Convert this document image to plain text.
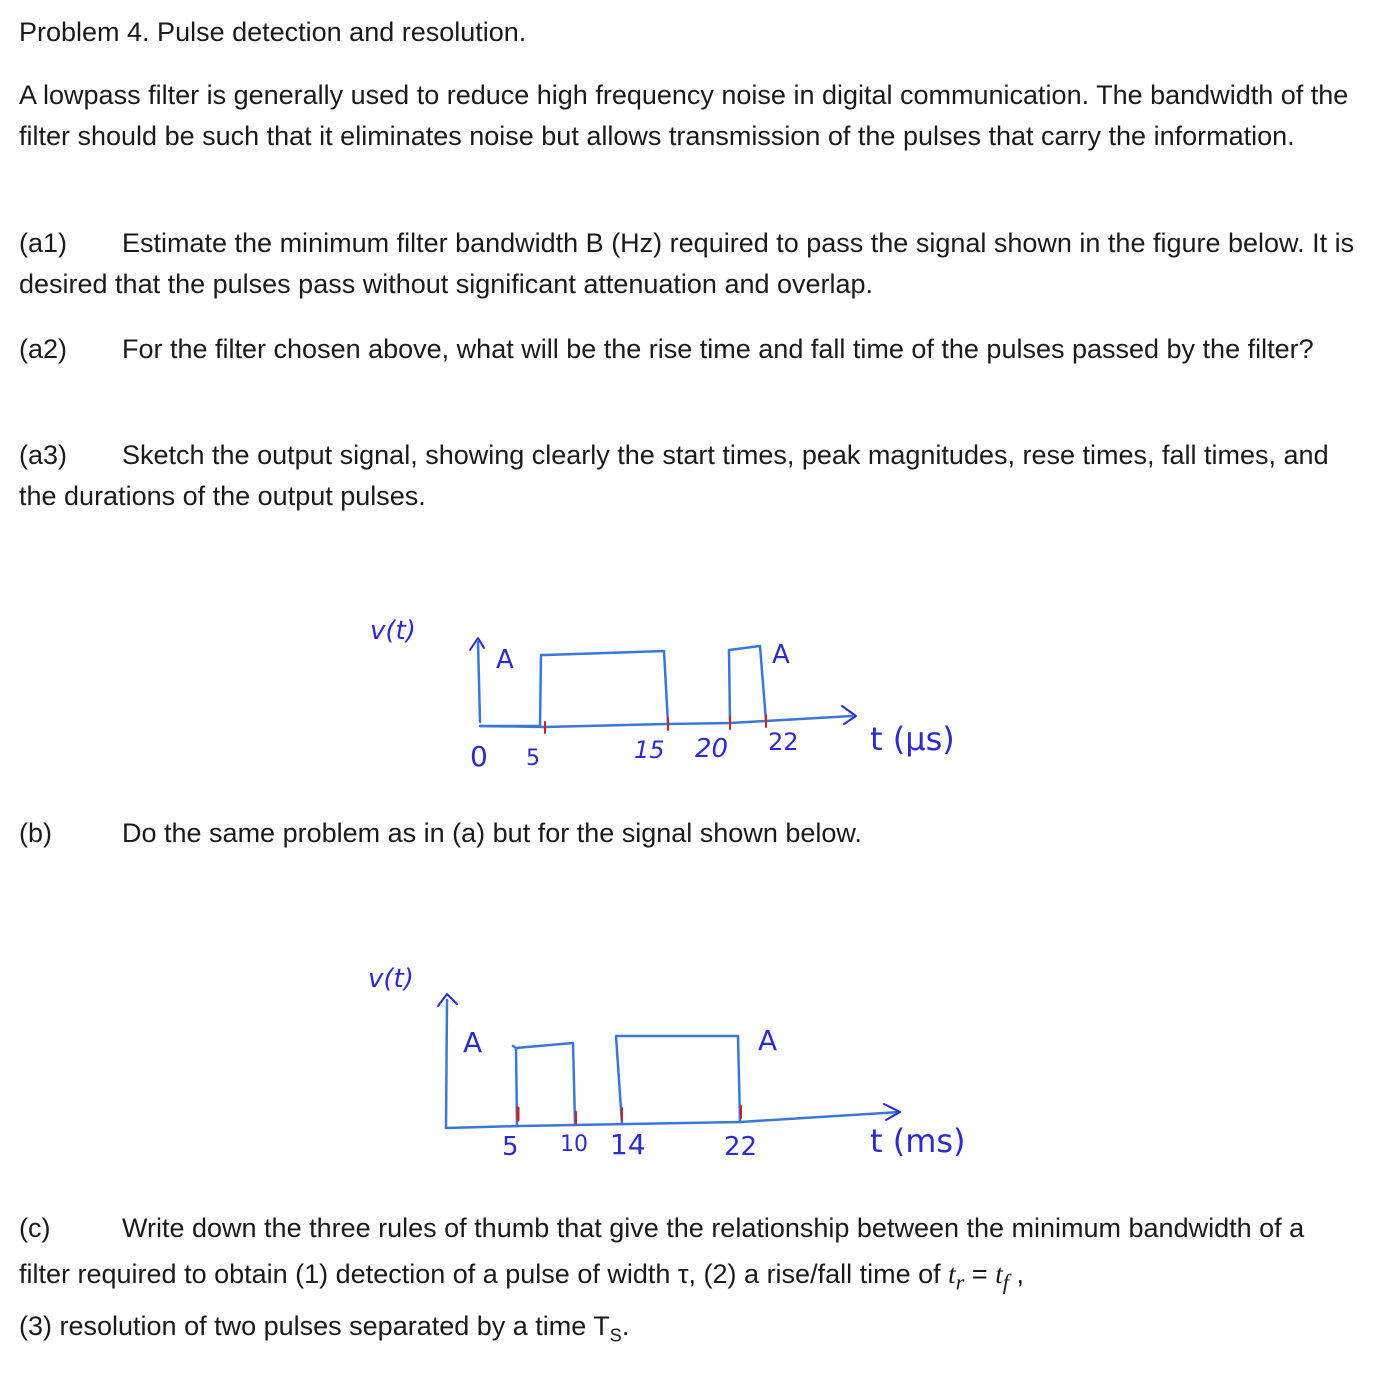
Problem 4. Pulse detection and resolution.

A lowpass filter is generally used to reduce high frequency noise in digital communication. The bandwidth of the filter should be such that it eliminates noise but allows transmission of the pulses that carry the information.

(a1) Estimate the minimum filter bandwidth B (Hz) required to pass the signal shown in the figure below. It is desired that the pulses pass without significant attenuation and overlap.

(a2) For the filter chosen above, what will be the rise time and fall time of the pulses passed by the filter?

(a3) Sketch the output signal, showing clearly the start times, peak magnitudes, rese times, fall times, and the durations of the output pulses.

(b)	Do the same problem as in (a) but for the signal shown below.

(c)	Write down the three rules of thumb that give the relationship between the minimum bandwidth of a filter required to obtain (1) detection of a pulse of width τ, (2) a rise/fall time of $t_r = t_f$ ,

(3) resolution of two pulses separated by a time $T_S$.

v(t)
A	A
0 5	15 20 22 t (μs)
v(t)
A	A
5 10 14	22	t (ms)
